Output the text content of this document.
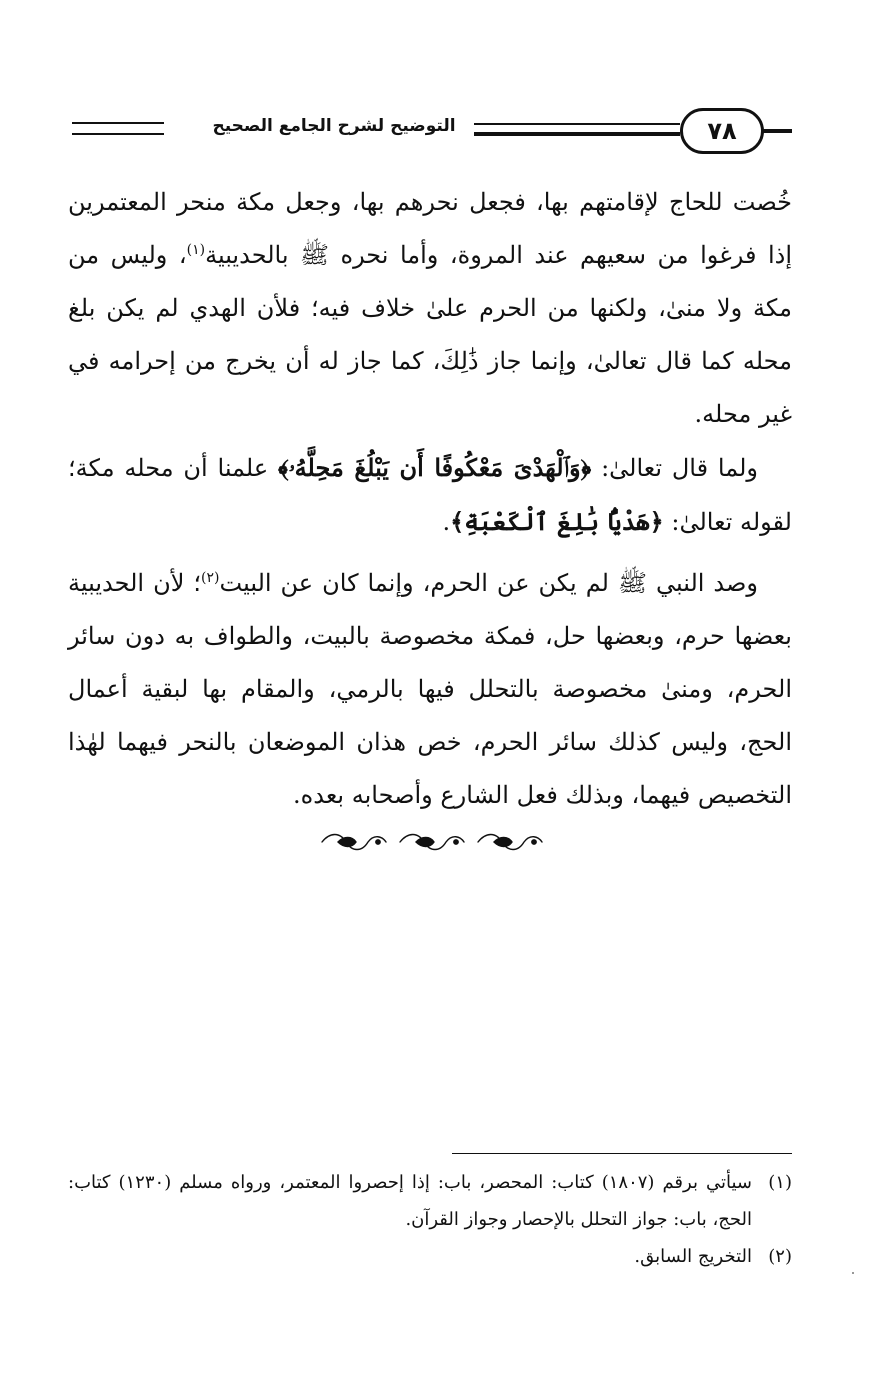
التوضيح لشرح الجامع الصحيح	٧٨

خُصت للحاج لإقامتهم بها، فجعل نحرهم بها، وجعل مكة منحر المعتمرين إذا فرغوا من سعيهم عند المروة، وأما نحره ﷺ بالحديبية$^{(١)}$، وليس من مكة ولا منىٰ، ولكنها من الحرم علىٰ خلاف فيه؛ فلأن الهدي لم يكن بلغ محله كما قال تعالىٰ، وإنما جاز ذَٰلِكَ، كما جاز له أن يخرج من إحرامه في غير محله.

ولما قال تعالىٰ: ﴿وَٱلْهَدْىَ مَعْكُوفًا أَن يَبْلُغَ مَحِلَّهُۥ﴾ علمنا أن محله مكة؛ لقوله تعالىٰ: ﴿هَدْيًۢا بَٰلِغَ ٱلْكَعْبَةِ﴾.

وصد النبي ﷺ لم يكن عن الحرم، وإنما كان عن البيت$^{(٢)}$؛ لأن الحديبية بعضها حرم، وبعضها حل، فمكة مخصوصة بالبيت، والطواف به دون سائر الحرم، ومنىٰ مخصوصة بالتحلل فيها بالرمي، والمقام بها لبقية أعمال الحج، وليس كذلك سائر الحرم، خص هذان الموضعان بالنحر فيهما لهٰذا التخصيص فيهما، وبذلك فعل الشارع وأصحابه بعده.

(١)
سيأتي برقم (١٨٠٧) كتاب: المحصر، باب: إذا إحصروا المعتمر، ورواه مسلم (١٢٣٠) كتاب: الحج، باب: جواز التحلل بالإحصار وجواز القرآن.
(٢)
التخريج السابق.
